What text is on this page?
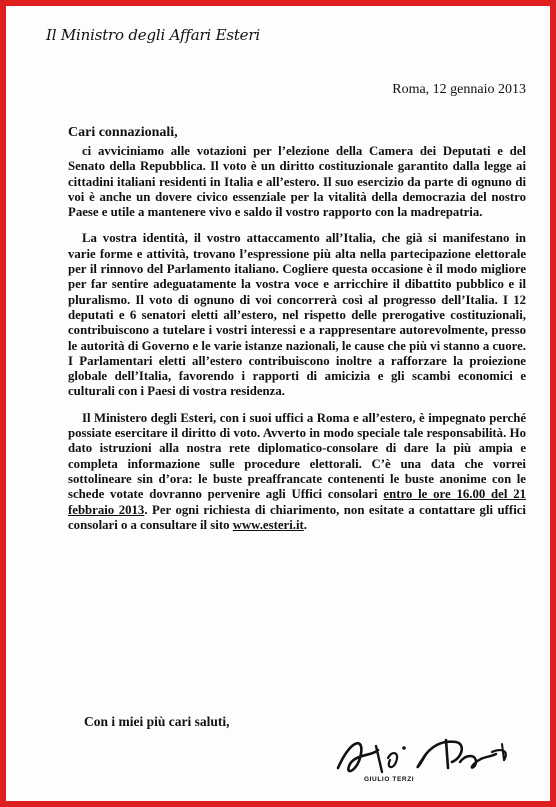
Il Ministro degli Affari Esteri
Roma, 12 gennaio 2013
Cari connazionali,

ci avviciniamo alle votazioni per l’elezione della Camera dei Deputati e del Senato della Repubblica. Il voto è un diritto costituzionale garantito dalla legge ai cittadini italiani residenti in Italia e all’estero. Il suo esercizio da parte di ognuno di voi è anche un dovere civico essenziale per la vitalità della democrazia del nostro Paese e utile a mantenere vivo e saldo il vostro rapporto con la madrepatria.

La vostra identità, il vostro attaccamento all’Italia, che già si manifestano in varie forme e attività, trovano l’espressione più alta nella partecipazione elettorale per il rinnovo del Parlamento italiano. Cogliere questa occasione è il modo migliore per far sentire adeguatamente la vostra voce e arricchire il dibattito pubblico e il pluralismo. Il voto di ognuno di voi concorrerà così al progresso dell’Italia. I 12 deputati e 6 senatori eletti all’estero, nel rispetto delle prerogative costituzionali, contribuiscono a tutelare i vostri interessi e a rappresentare autorevolmente, presso le autorità di Governo e le varie istanze nazionali, le cause che più vi stanno a cuore. I Parlamentari eletti all’estero contribuiscono inoltre a rafforzare la proiezione globale dell’Italia, favorendo i rapporti di amicizia e gli scambi economici e culturali con i Paesi di vostra residenza.

Il Ministero degli Esteri, con i suoi uffici a Roma e all’estero, è impegnato perché possiate esercitare il diritto di voto. Avverto in modo speciale tale responsabilità. Ho dato istruzioni alla nostra rete diplomatico-consolare di dare la più ampia e completa informazione sulle procedure elettorali. C’è una data che vorrei sottolineare sin d’ora: le buste preaffrancate contenenti le buste anonime con le schede votate dovranno pervenire agli Uffici consolari entro le ore 16.00 del 21 febbraio 2013. Per ogni richiesta di chiarimento, non esitate a contattare gli uffici consolari o a consultare il sito www.esteri.it.

Con i miei più cari saluti,
GIULIO TERZI
